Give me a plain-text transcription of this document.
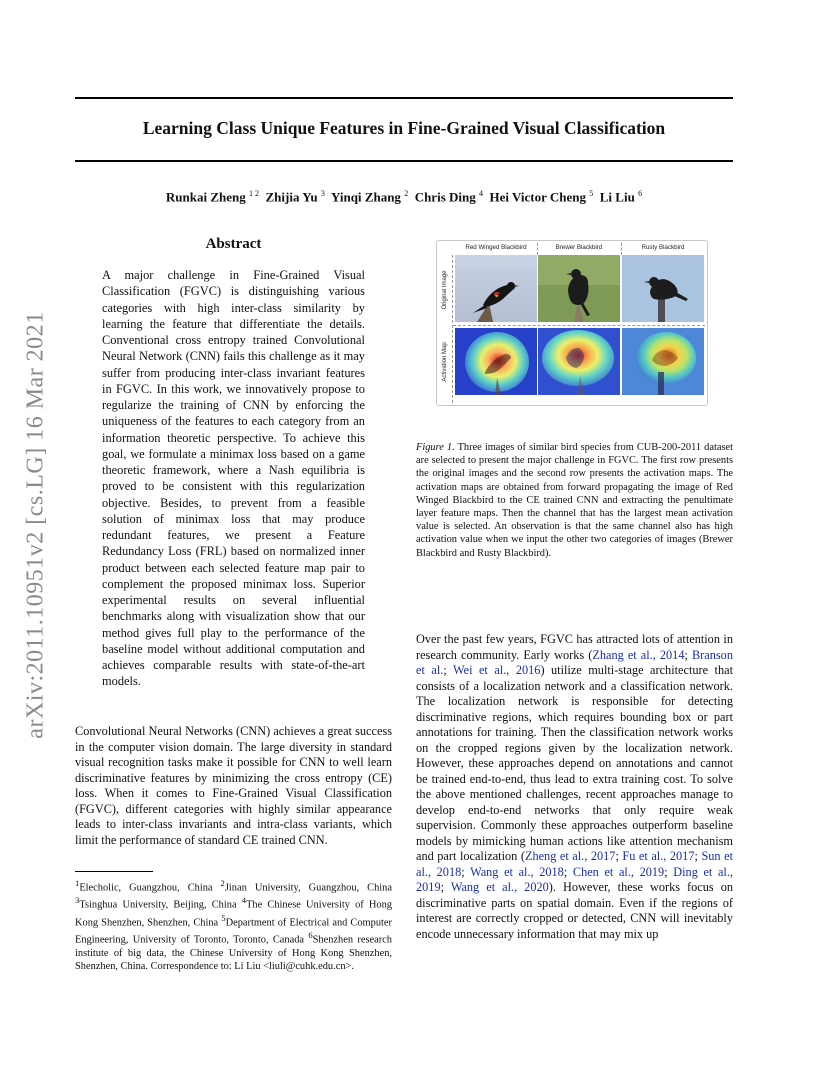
Learning Class Unique Features in Fine-Grained Visual Classification
Runkai Zheng $^{1 2}$ Zhijia Yu $^3$ Yinqi Zhang $^2$ Chris Ding $^4$ Hei Victor Cheng $^5$ Li Liu $^6$
arXiv:2011.10951v2 [cs.LG] 16 Mar 2021
Abstract
A major challenge in Fine-Grained Visual Classification (FGVC) is distinguishing various categories with high inter-class similarity by learning the feature that differentiate the details. Conventional cross entropy trained Convolutional Neural Network (CNN) fails this challenge as it may suffer from producing inter-class invariant features in FGVC. In this work, we innovatively propose to regularize the training of CNN by enforcing the uniqueness of the features to each category from an information theoretic perspective. To achieve this goal, we formulate a minimax loss based on a game theoretic framework, where a Nash equilibria is proved to be consistent with this regularization objective. Besides, to prevent from a feasible solution of minimax loss that may produce redundant features, we present a Feature Redundancy Loss (FRL) based on normalized inner product between each selected feature map pair to complement the proposed minimax loss. Superior experimental results on several influential benchmarks along with visualization show that our method gives full play to the performance of the baseline model without additional computation and achieves comparable results with state-of-the-art models.
Convolutional Neural Networks (CNN) achieves a great success in the computer vision domain. The large diversity in standard visual recognition tasks make it possible for CNN to well learn discriminative features by minimizing the cross entropy (CE) loss. When it comes to Fine-Grained Visual Classification (FGVC), different categories with highly similar appearance leads to inter-class invariants and intra-class variants, which limit the performance of standard CE trained CNN.
$^1$Elecholic, Guangzhou, China $^2$Jinan University, Guangzhou, China $^3$Tsinghua University, Beijing, China $^4$The Chinese University of Hong Kong Shenzhen, Shenzhen, China $^5$Department of Electrical and Computer Engineering, University of Toronto, Toronto, Canada $^6$Shenzhen research institute of big data, the Chinese University of Hong Kong Shenzhen, Shenzhen, China. Correspondence to: Li Liu <liuli@cuhk.edu.cn>.
Red Winged Blackbird	Brewer Blackbird	Rusty Blackbird
Original Image
Activation Map
Figure 1. Three images of similar bird species from CUB-200-2011 dataset are selected to present the major challenge in FGVC. The first row presents the original images and the second row presents the activation maps. The activation maps are obtained from forward propagating the image of Red Winged Blackbird to the CE trained CNN and extracting the penultimate layer feature maps. Then the channel that has the largest mean activation value is selected. An observation is that the same channel also has high activation value when we input the other two categories of images (Brewer Blackbird and Rusty Blackbird).
Over the past few years, FGVC has attracted lots of attention in research community. Early works (Zhang et al., 2014; Branson et al.; Wei et al., 2016) utilize multi-stage architecture that consists of a localization network and a classification network. The localization network is responsible for detecting discriminative regions, which requires bounding box or part annotations for training. Then the classification network works on the cropped regions given by the localization network. However, these approaches depend on annotations and cannot be trained end-to-end, thus lead to extra training cost. To solve the above mentioned challenges, recent approaches manage to develop end-to-end networks that only require weak supervision. Commonly these approaches outperform baseline models by mimicking human actions like attention mechanism and part localization (Zheng et al., 2017; Fu et al., 2017; Sun et al., 2018; Wang et al., 2018; Chen et al., 2019; Ding et al., 2019; Wang et al., 2020). However, these works focus on discriminative parts on spatial domain. Even if the regions of interest are correctly cropped or detected, CNN will inevitably encode unnecessary information that may mix up
